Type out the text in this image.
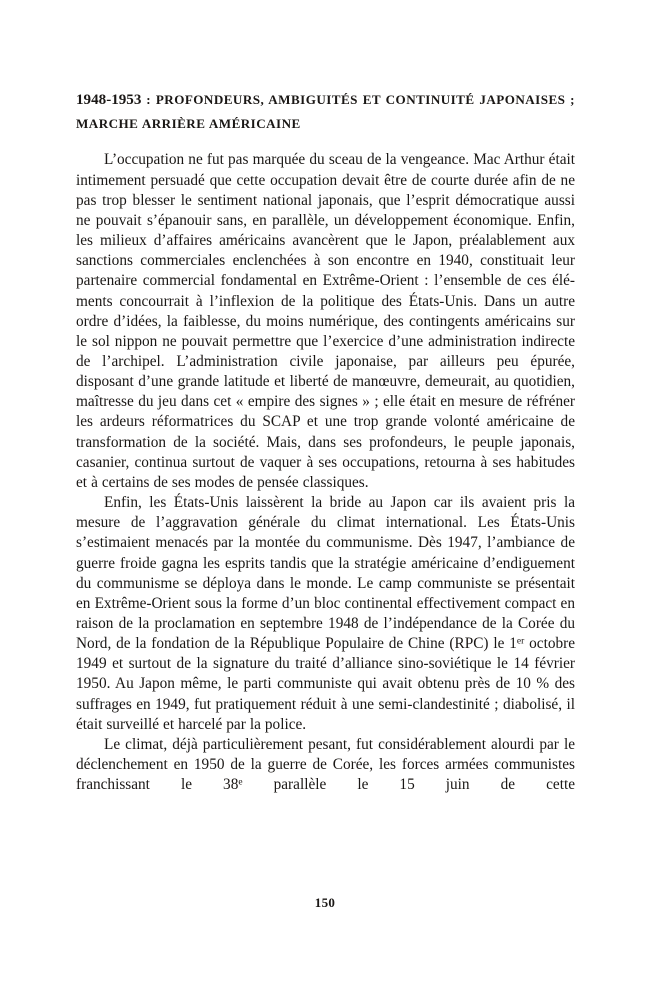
1948-1953 : PROFONDEURS, AMBIGUITÉS ET CONTINUITÉ JAPONAISES ; MARCHE ARRIÈRE AMÉRICAINE

L’occupation ne fut pas marquée du sceau de la vengeance. Mac Arthur était intimement persuadé que cette occupation devait être de courte durée afin de ne pas trop blesser le sentiment national japonais, que l’esprit démocratique aussi ne pouvait s’épanouir sans, en parallèle, un développement économique. Enfin, les milieux d’affaires américains avancèrent que le Japon, préalablement aux sanctions commerciales enclenchées à son encontre en 1940, constituait leur partenaire commercial fondamental en Extrême-Orient : l’ensemble de ces élé-ments concourrait à l’inflexion de la politique des États-Unis. Dans un autre ordre d’idées, la faiblesse, du moins numérique, des contingents américains sur le sol nippon ne pouvait permettre que l’exercice d’une administration indirecte de l’archipel. L’administration civile japonaise, par ailleurs peu épurée, disposant d’une grande latitude et liberté de manœuvre, demeurait, au quotidien, maîtresse du jeu dans cet « empire des signes » ; elle était en mesure de réfréner les ardeurs réformatrices du SCAP et une trop grande volonté américaine de transformation de la société. Mais, dans ses profondeurs, le peuple japonais, casanier, continua surtout de vaquer à ses occupations, retourna à ses habitudes et à certains de ses modes de pensée classiques.

Enfin, les États-Unis laissèrent la bride au Japon car ils avaient pris la mesure de l’aggravation générale du climat international. Les États-Unis s’estimaient menacés par la montée du communisme. Dès 1947, l’ambiance de guerre froide gagna les esprits tandis que la stratégie américaine d’endiguement du communisme se déploya dans le monde. Le camp communiste se présentait en Extrême-Orient sous la forme d’un bloc continental effectivement compact en raison de la proclamation en septembre 1948 de l’indépendance de la Corée du Nord, de la fondation de la République Populaire de Chine (RPC) le 1er octobre 1949 et surtout de la signature du traité d’alliance sino-soviétique le 14 février 1950. Au Japon même, le parti communiste qui avait obtenu près de 10 % des suffrages en 1949, fut pratiquement réduit à une semi-clandestinité ; diabolisé, il était surveillé et harcelé par la police.

Le climat, déjà particulièrement pesant, fut considérablement alourdi par le déclenchement en 1950 de la guerre de Corée, les forces armées communistes franchissant le 38e parallèle le 15 juin de cette

150
